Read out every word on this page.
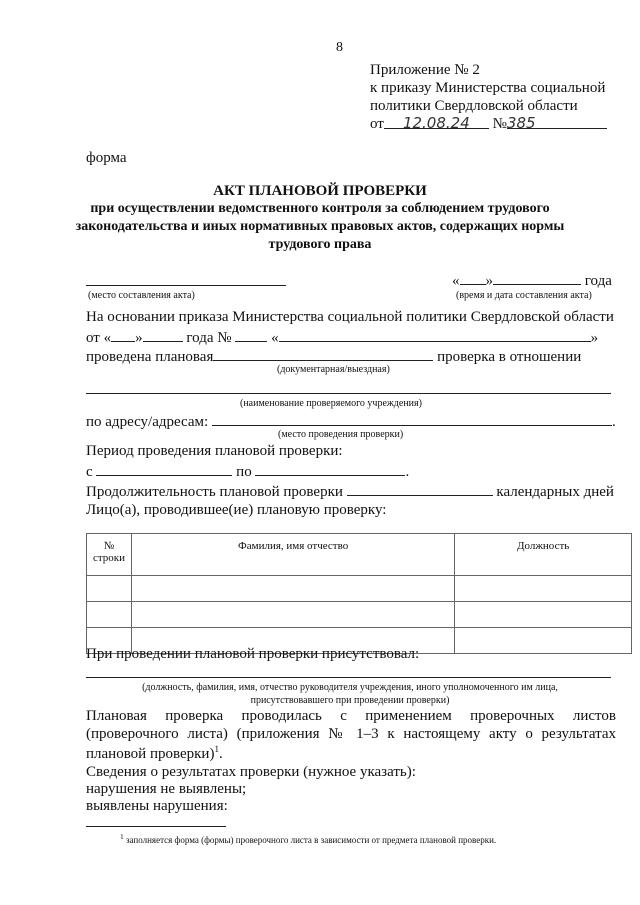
8
Приложение № 2
к приказу Министерства социальной
политики Свердловской области
от 12.08.24 №385
форма
АКТ ПЛАНОВОЙ ПРОВЕРКИ
при осуществлении ведомственного контроля за соблюдением трудового
законодательства и иных нормативных правовых актов, содержащих нормы
трудового права
(место составления акта)
« »	года
(время и дата составления акта)
На основании приказа Министерства социальной политики Свердловской области
от « »	года №	«	»
проведена плановая	проверка в отношении
(документарная/выездная)
(наименование проверяемого учреждения)
по адресу/адресам:	.
(место проведения проверки)
Период проведения плановой проверки:
с	по	.
Продолжительность плановой проверки	календарных дней
Лицо(а), проводившее(ие) плановую проверку:
№ строки	Фамилия, имя отчество	Должность

При проведении плановой проверки присутствовал:
(должность, фамилия, имя, отчество руководителя учреждения, иного уполномоченного им лица,
присутствовавшего при проведении проверки)
Плановая проверка проводилась с применением проверочных листов
(проверочного листа) (приложения № 1–3 к настоящему акту о результатах
плановой проверки)$^1$.
Сведения о результатах проверки (нужное указать):
нарушения не выявлены;
выявлены нарушения:
$^1$ заполняется форма (формы) проверочного листа в зависимости от предмета плановой проверки.
